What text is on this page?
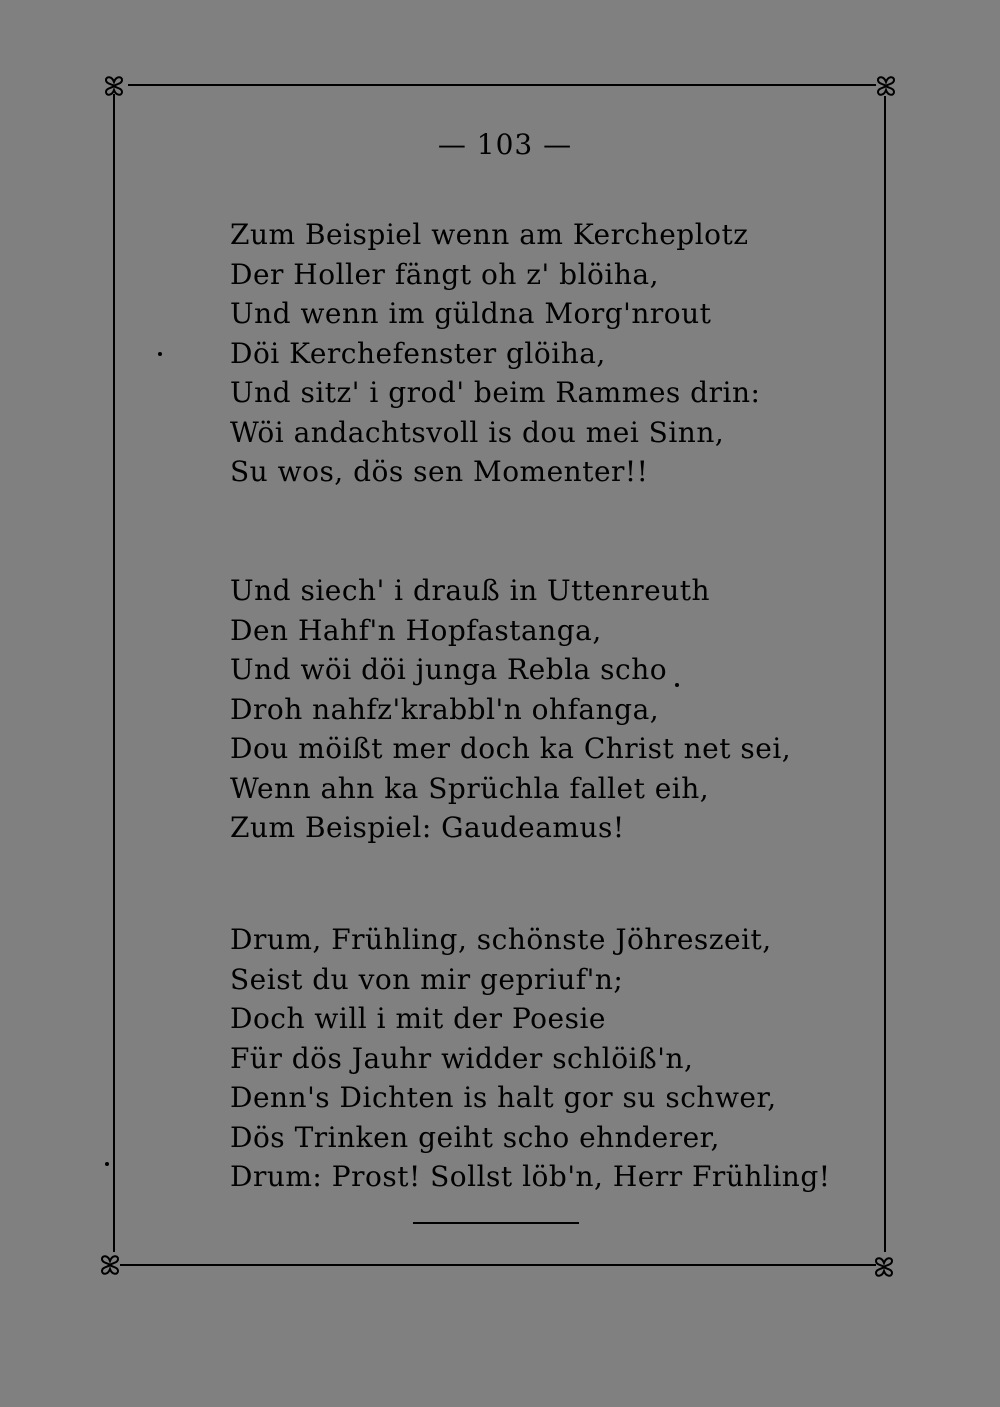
— 103 —
Zum Beispiel wenn am Kercheplotz
Der Holler fängt oh z' blöiha,
Und wenn im güldna Morg'nrout
Döi Kerchefenster glöiha,
Und sitz' i grod' beim Rammes drin:
Wöi andachtsvoll is dou mei Sinn,
Su wos, dös sen Momenter!!
Und siech' i drauß in Uttenreuth
Den Hahf'n Hopfastanga,
Und wöi döi junga Rebla scho
Droh nahfz'krabbl'n ohfanga,
Dou möißt mer doch ka Christ net sei,
Wenn ahn ka Sprüchla fallet eih,
Zum Beispiel: Gaudeamus!
Drum, Frühling, schönste Jöhreszeit,
Seist du von mir gepriuf'n;
Doch will i mit der Poesie
Für dös Jauhr widder schlöiß'n,
Denn's Dichten is halt gor su schwer,
Dös Trinken geiht scho ehnderer,
Drum: Prost! Sollst löb'n, Herr Frühling!
